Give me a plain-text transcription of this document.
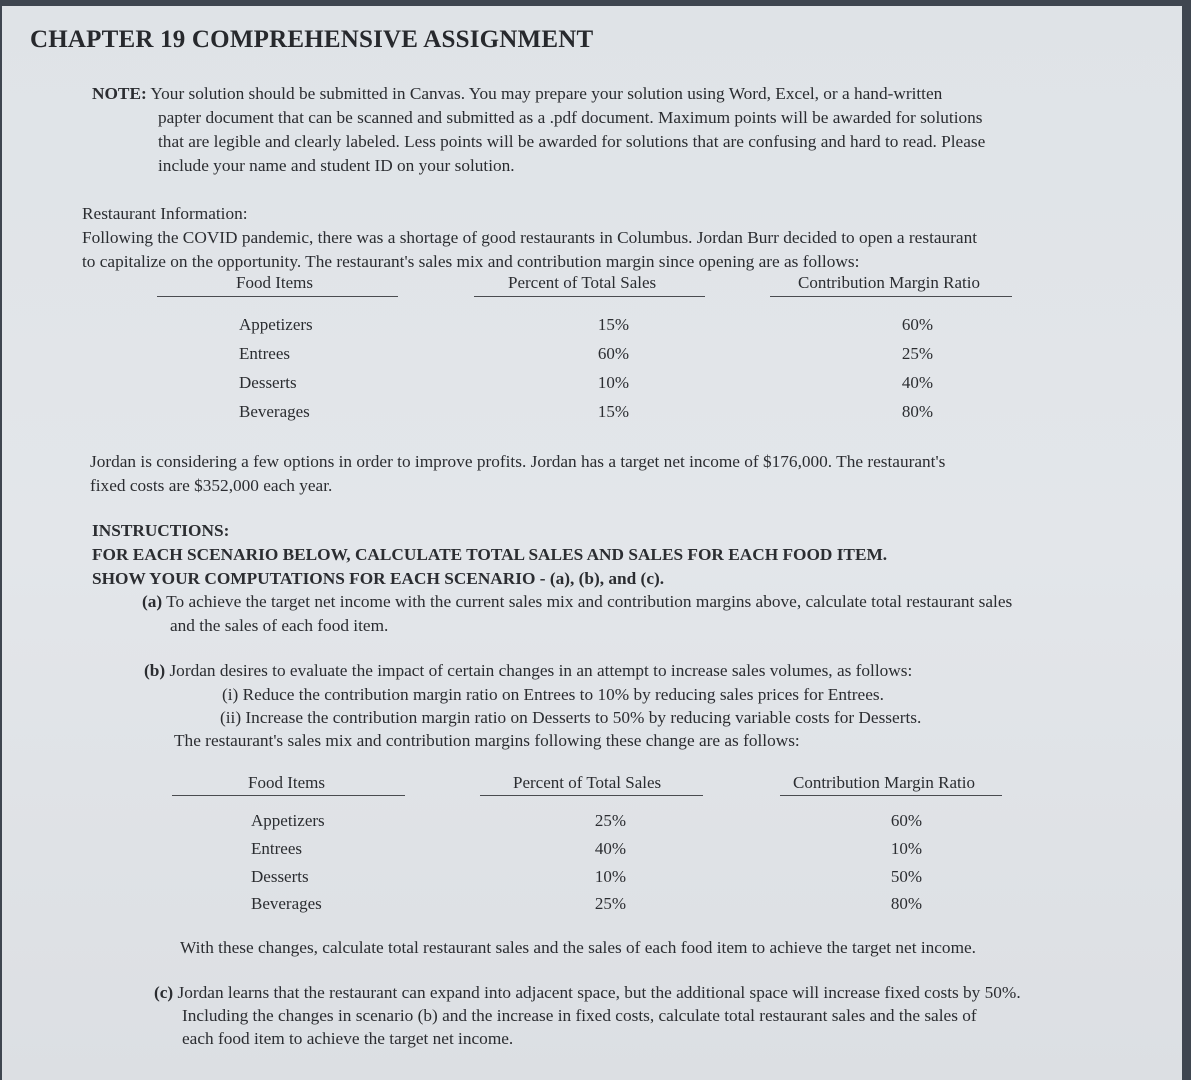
CHAPTER 19 COMPREHENSIVE ASSIGNMENT
NOTE: Your solution should be submitted in Canvas. You may prepare your solution using Word, Excel, or a hand-written
papter document that can be scanned and submitted as a .pdf document. Maximum points will be awarded for solutions
that are legible and clearly labeled. Less points will be awarded for solutions that are confusing and hard to read. Please
include your name and student ID on your solution.
Restaurant Information:
Following the COVID pandemic, there was a shortage of good restaurants in Columbus. Jordan Burr decided to open a restaurant
to capitalize on the opportunity. The restaurant's sales mix and contribution margin since opening are as follows:
Food Items	Percent of Total Sales	Contribution Margin Ratio
Appetizers	15%	60%
Entrees	60%	25%
Desserts	10%	40%
Beverages	15%	80%
Jordan is considering a few options in order to improve profits. Jordan has a target net income of $176,000. The restaurant's
fixed costs are $352,000 each year.
INSTRUCTIONS:
FOR EACH SCENARIO BELOW, CALCULATE TOTAL SALES AND SALES FOR EACH FOOD ITEM.
SHOW YOUR COMPUTATIONS FOR EACH SCENARIO - (a), (b), and (c).
(a) To achieve the target net income with the current sales mix and contribution margins above, calculate total restaurant sales
and the sales of each food item.
(b) Jordan desires to evaluate the impact of certain changes in an attempt to increase sales volumes, as follows:
(i) Reduce the contribution margin ratio on Entrees to 10% by reducing sales prices for Entrees.
(ii) Increase the contribution margin ratio on Desserts to 50% by reducing variable costs for Desserts.
The restaurant's sales mix and contribution margins following these change are as follows:
Food Items	Percent of Total Sales	Contribution Margin Ratio
Appetizers	25%	60%
Entrees	40%	10%
Desserts	10%	50%
Beverages	25%	80%
With these changes, calculate total restaurant sales and the sales of each food item to achieve the target net income.
(c) Jordan learns that the restaurant can expand into adjacent space, but the additional space will increase fixed costs by 50%.
Including the changes in scenario (b) and the increase in fixed costs, calculate total restaurant sales and the sales of
each food item to achieve the target net income.
